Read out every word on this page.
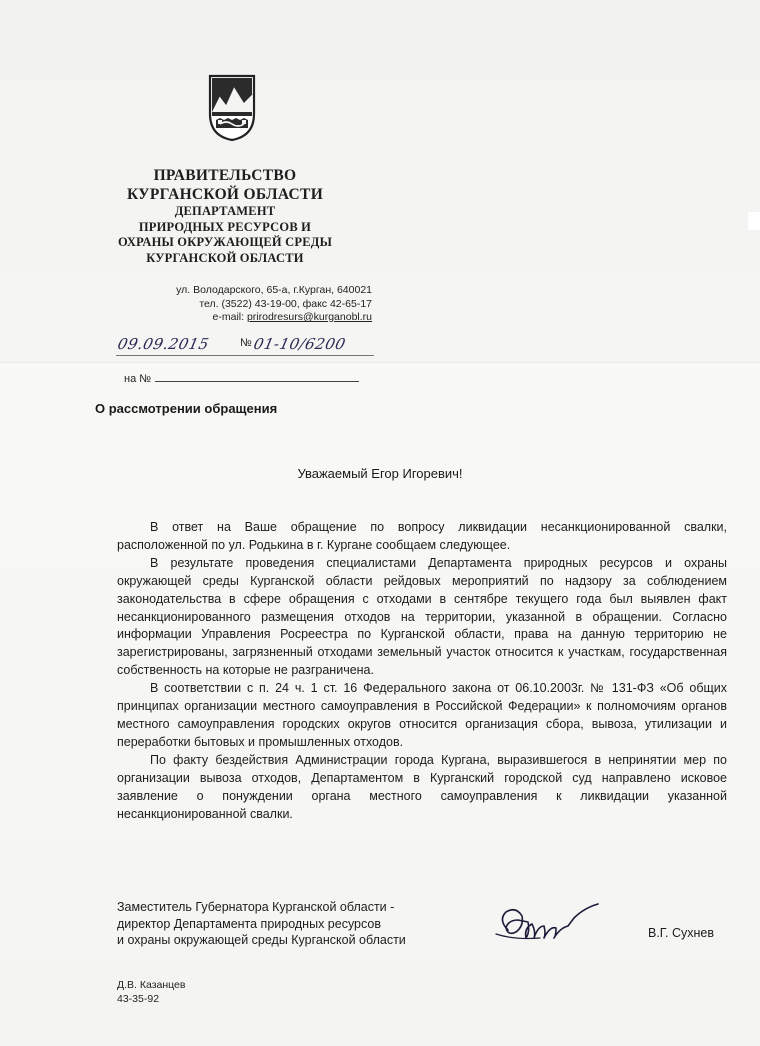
ПРАВИТЕЛЬСТВО
КУРГАНСКОЙ ОБЛАСТИ
ДЕПАРТАМЕНТ
ПРИРОДНЫХ РЕСУРСОВ И
ОХРАНЫ ОКРУЖАЮЩЕЙ СРЕДЫ
КУРГАНСКОЙ ОБЛАСТИ
ул. Володарского, 65-а, г.Курган, 640021
тел. (3522) 43-19-00, факс 42-65-17
e-mail: prirodresurs@kurganobl.ru
09.09.2015	№ 01-10/6200
на №
О рассмотрении обращения
Уважаемый Егор Игоревич!

В ответ на Ваше обращение по вопросу ликвидации несанкционированной свалки, расположенной по ул. Родькина в г. Кургане сообщаем следующее.

В результате проведения специалистами Департамента природных ресурсов и охраны окружающей среды Курганской области рейдовых мероприятий по надзору за соблюдением законодательства в сфере обращения с отходами в сентябре текущего года был выявлен факт несанкционированного размещения отходов на территории, указанной в обращении. Согласно информации Управления Росреестра по Курганской области, права на данную территорию не зарегистрированы, загрязненный отходами земельный участок относится к участкам, государственная собственность на которые не разграничена.

В соответствии с п. 24 ч. 1 ст. 16 Федерального закона от 06.10.2003г. № 131-ФЗ «Об общих принципах организации местного самоуправления в Российской Федерации» к полномочиям органов местного самоуправления городских округов относится организация сбора, вывоза, утилизации и переработки бытовых и промышленных отходов.

По факту бездействия Администрации города Кургана, выразившегося в непринятии мер по организации вывоза отходов, Департаментом в Курганский городской суд направлено исковое заявление о понуждении органа местного самоуправления к ликвидации указанной несанкционированной свалки.

Заместитель Губернатора Курганской области -
директор Департамента природных ресурсов
и охраны окружающей среды Курганской области	В.Г. Сухнев
Д.В. Казанцев
43-35-92
